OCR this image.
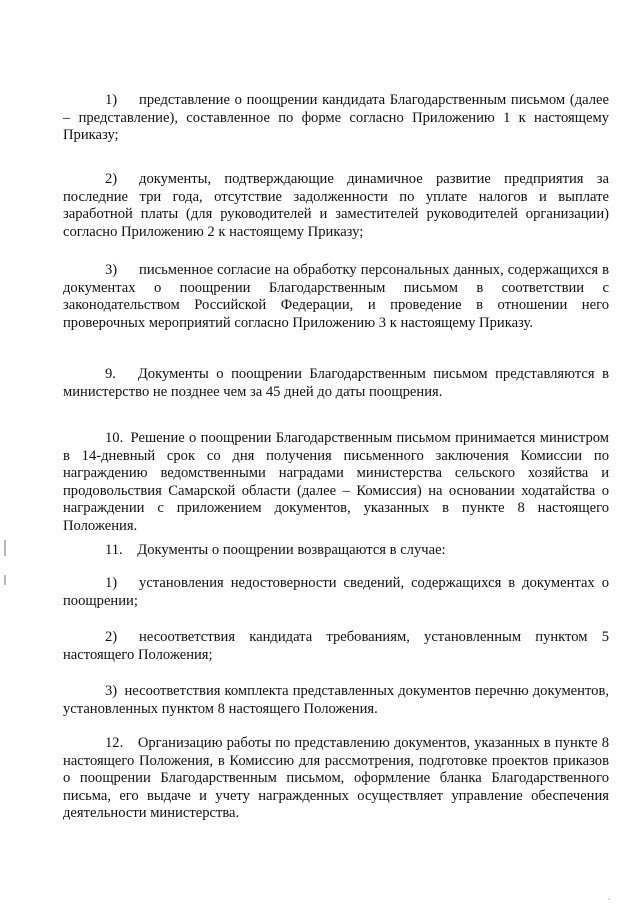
1)  представление о поощрении кандидата Благодарственным письмом (далее – представление), составленное по форме согласно Приложению 1 к настоящему Приказу;

2)  документы, подтверждающие динамичное развитие предприятия за последние три года, отсутствие задолженности по уплате налогов и выплате заработной платы (для руководителей и заместителей руководителей организации) согласно Приложению 2 к настоящему Приказу;

3)  письменное согласие на обработку персональных данных, содержащихся в документах о поощрении Благодарственным письмом в соответствии с законодательством Российской Федерации, и проведение в отношении него проверочных мероприятий согласно Приложению 3 к настоящему Приказу.

9.  Документы о поощрении Благодарственным письмом представляются в министерство не позднее чем за 45 дней до даты поощрения.

10. Решение о поощрении Благодарственным письмом принимается министром в 14-дневный срок со дня получения письменного заключения Комиссии по награждению ведомственными наградами министерства сельского хозяйства и продовольствия Самарской области (далее – Комиссия) на основании ходатайства о награждении с приложением документов, указанных в пункте 8 настоящего Положения.

11. Документы о поощрении возвращаются в случае:

1)  установления недостоверности сведений, содержащихся в документах о поощрении;

2)  несоответствия кандидата требованиям, установленным пунктом 5 настоящего Положения;

3) несоответствия комплекта представленных документов перечню документов, установленных пунктом 8 настоящего Положения.

12. Организацию работы по представлению документов, указанных в пункте 8 настоящего Положения, в Комиссию для рассмотрения, подготовке проектов приказов о поощрении Благодарственным письмом, оформление бланка Благодарственного письма, его выдаче и учету награжденных осуществляет управление обеспечения деятельности министерства.

⸱
